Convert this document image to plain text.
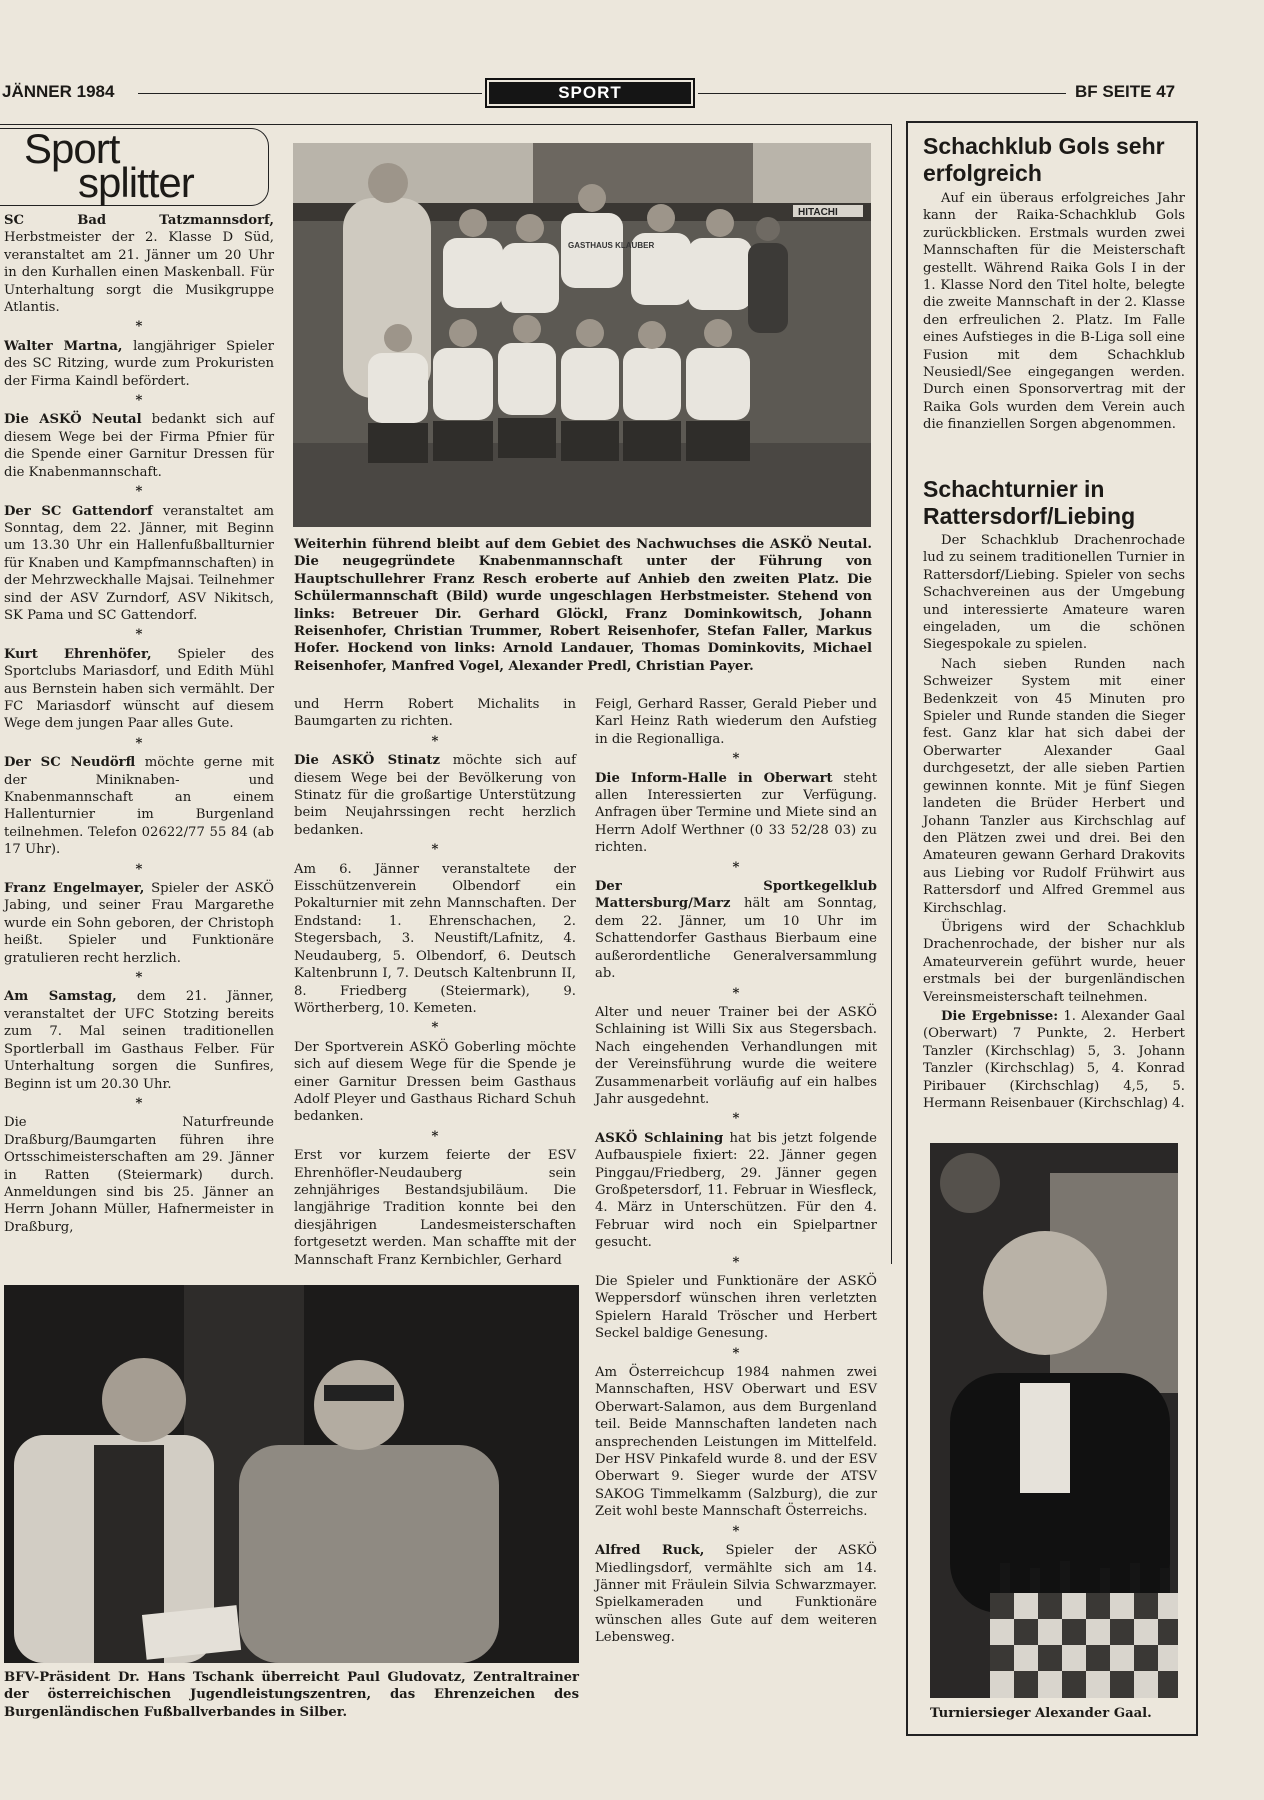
JÄNNER 1984	SPORT	BF SEITE 47
Sport
splitter

SC Bad Tatzmannsdorf, Herbstmeister der 2. Klasse D Süd, veranstaltet am 21. Jänner um 20 Uhr in den Kurhallen einen Maskenball. Für Unterhaltung sorgt die Musikgruppe Atlantis.

*

Walter Martna, langjähriger Spieler des SC Ritzing, wurde zum Prokuristen der Firma Kaindl befördert.

*

Die ASKÖ Neutal bedankt sich auf diesem Wege bei der Firma Pfnier für die Spende einer Garnitur Dressen für die Knabenmannschaft.

*

Der SC Gattendorf veranstaltet am Sonntag, dem 22. Jänner, mit Beginn um 13.30 Uhr ein Hallenfußballturnier für Knaben und Kampfmannschaften) in der Mehrzweckhalle Majsai. Teilnehmer sind der ASV Zurndorf, ASV Nikitsch, SK Pama und SC Gattendorf.

*

Kurt Ehrenhöfer, Spieler des Sportclubs Mariasdorf, und Edith Mühl aus Bernstein haben sich vermählt. Der FC Mariasdorf wünscht auf diesem Wege dem jungen Paar alles Gute.

*

Der SC Neudörfl möchte gerne mit der Miniknaben- und Knabenmannschaft an einem Hallenturnier im Burgenland teilnehmen. Telefon 02622/77 55 84 (ab 17 Uhr).

*

Franz Engelmayer, Spieler der ASKÖ Jabing, und seiner Frau Margarethe wurde ein Sohn geboren, der Christoph heißt. Spieler und Funktionäre gratulieren recht herzlich.

*

Am Samstag, dem 21. Jänner, veranstaltet der UFC Stotzing bereits zum 7. Mal seinen traditionellen Sportlerball im Gasthaus Felber. Für Unterhaltung sorgen die Sunfires, Beginn ist um 20.30 Uhr.

*

Die Naturfreunde Draßburg/Baumgarten führen ihre Ortsschimeisterschaften am 29. Jänner in Ratten (Steiermark) durch. Anmeldungen sind bis 25. Jänner an Herrn Johann Müller, Hafnermeister in Draßburg,

HITACHI
GASTHAUS KLAUBER
Weiterhin führend bleibt auf dem Gebiet des Nachwuchses die ASKÖ Neutal. Die neugegründete Knabenmannschaft unter der Führung von Hauptschullehrer Franz Resch eroberte auf Anhieb den zweiten Platz. Die Schülermannschaft (Bild) wurde ungeschlagen Herbstmeister. Stehend von links: Betreuer Dir. Gerhard Glöckl, Franz Dominkowitsch, Johann Reisenhofer, Christian Trummer, Robert Reisenhofer, Stefan Faller, Markus Hofer. Hockend von links: Arnold Landauer, Thomas Dominkovits, Michael Reisenhofer, Manfred Vogel, Alexander Predl, Christian Payer.

und Herrn Robert Michalits in Baumgarten zu richten.

*

Die ASKÖ Stinatz möchte sich auf diesem Wege bei der Bevölkerung von Stinatz für die großartige Unterstützung beim Neujahrssingen recht herzlich bedanken.

*

Am 6. Jänner veranstaltete der Eisschützenverein Olbendorf ein Pokalturnier mit zehn Mannschaften. Der Endstand: 1. Ehrenschachen, 2. Stegersbach, 3. Neustift/Lafnitz, 4. Neudauberg, 5. Olbendorf, 6. Deutsch Kaltenbrunn I, 7. Deutsch Kaltenbrunn II, 8. Friedberg (Steiermark), 9. Wörtherberg, 10. Kemeten.

*

Der Sportverein ASKÖ Goberling möchte sich auf diesem Wege für die Spende je einer Garnitur Dressen beim Gasthaus Adolf Pleyer und Gasthaus Richard Schuh bedanken.

*

Erst vor kurzem feierte der ESV Ehrenhöfler-Neudauberg sein zehnjähriges Bestandsjubiläum. Die langjährige Tradition konnte bei den diesjährigen Landesmeisterschaften fortgesetzt werden. Man schaffte mit der Mannschaft Franz Kernbichler, Gerhard

Feigl, Gerhard Rasser, Gerald Pieber und Karl Heinz Rath wiederum den Aufstieg in die Regionalliga.

*

Die Inform-Halle in Oberwart steht allen Interessierten zur Verfügung. Anfragen über Termine und Miete sind an Herrn Adolf Werthner (0 33 52/28 03) zu richten.

*

Der Sportkegelklub Mattersburg/Marz hält am Sonntag, dem 22. Jänner, um 10 Uhr im Schattendorfer Gasthaus Bierbaum eine außerordentliche Generalversammlung ab.

*

Alter und neuer Trainer bei der ASKÖ Schlaining ist Willi Six aus Stegersbach. Nach eingehenden Verhandlungen mit der Vereinsführung wurde die weitere Zusammenarbeit vorläufig auf ein halbes Jahr ausgedehnt.

*

ASKÖ Schlaining hat bis jetzt folgende Aufbauspiele fixiert: 22. Jänner gegen Pinggau/Friedberg, 29. Jänner gegen Großpetersdorf, 11. Februar in Wiesfleck, 4. März in Unterschützen. Für den 4. Februar wird noch ein Spielpartner gesucht.

*

Die Spieler und Funktionäre der ASKÖ Weppersdorf wünschen ihren verletzten Spielern Harald Tröscher und Herbert Seckel baldige Genesung.

*

Am Österreichcup 1984 nahmen zwei Mannschaften, HSV Oberwart und ESV Oberwart-Salamon, aus dem Burgenland teil. Beide Mannschaften landeten nach ansprechenden Leistungen im Mittelfeld. Der HSV Pinkafeld wurde 8. und der ESV Oberwart 9. Sieger wurde der ATSV SAKOG Timmelkamm (Salzburg), die zur Zeit wohl beste Mannschaft Österreichs.

*

Alfred Ruck, Spieler der ASKÖ Miedlingsdorf, vermählte sich am 14. Jänner mit Fräulein Silvia Schwarzmayer. Spielkameraden und Funktionäre wünschen alles Gute auf dem weiteren Lebensweg.

BFV-Präsident Dr. Hans Tschank überreicht Paul Gludovatz, Zentraltrainer der österreichischen Jugendleistungszentren, das Ehrenzeichen des Burgenländischen Fußballverbandes in Silber.
Schachklub Gols sehr erfolgreich
Auf ein überaus erfolgreiches Jahr kann der Raika-Schachklub Gols zurückblicken. Erstmals wurden zwei Mannschaften für die Meisterschaft gestellt. Während Raika Gols I in der 1. Klasse Nord den Titel holte, belegte die zweite Mannschaft in der 2. Klasse den erfreulichen 2. Platz. Im Falle eines Aufstieges in die B-Liga soll eine Fusion mit dem Schachklub Neusiedl/See eingegangen werden. Durch einen Sponsorvertrag mit der Raika Gols wurden dem Verein auch die finanziellen Sorgen abgenommen.
Schachturnier in Rattersdorf/Liebing

Der Schachklub Drachenrochade lud zu seinem traditionellen Turnier in Rattersdorf/Liebing. Spieler von sechs Schachvereinen aus der Umgebung und interessierte Amateure waren eingeladen, um die schönen Siegespokale zu spielen.

Nach sieben Runden nach Schweizer System mit einer Bedenkzeit von 45 Minuten pro Spieler und Runde standen die Sieger fest. Ganz klar hat sich dabei der Oberwarter Alexander Gaal durchgesetzt, der alle sieben Partien gewinnen konnte. Mit je fünf Siegen landeten die Brüder Herbert und Johann Tanzler aus Kirchschlag auf den Plätzen zwei und drei. Bei den Amateuren gewann Gerhard Drakovits aus Liebing vor Rudolf Frühwirt aus Rattersdorf und Alfred Gremmel aus Kirchschlag.

Übrigens wird der Schachklub Drachenrochade, der bisher nur als Amateurverein geführt wurde, heuer erstmals bei der burgenländischen Vereinsmeisterschaft teilnehmen.

Die Ergebnisse: 1. Alexander Gaal (Oberwart) 7 Punkte, 2. Herbert Tanzler (Kirchschlag) 5, 3. Johann Tanzler (Kirchschlag) 5, 4. Konrad Piribauer (Kirchschlag) 4,5, 5. Hermann Reisenbauer (Kirchschlag) 4.

Turniersieger Alexander Gaal.
